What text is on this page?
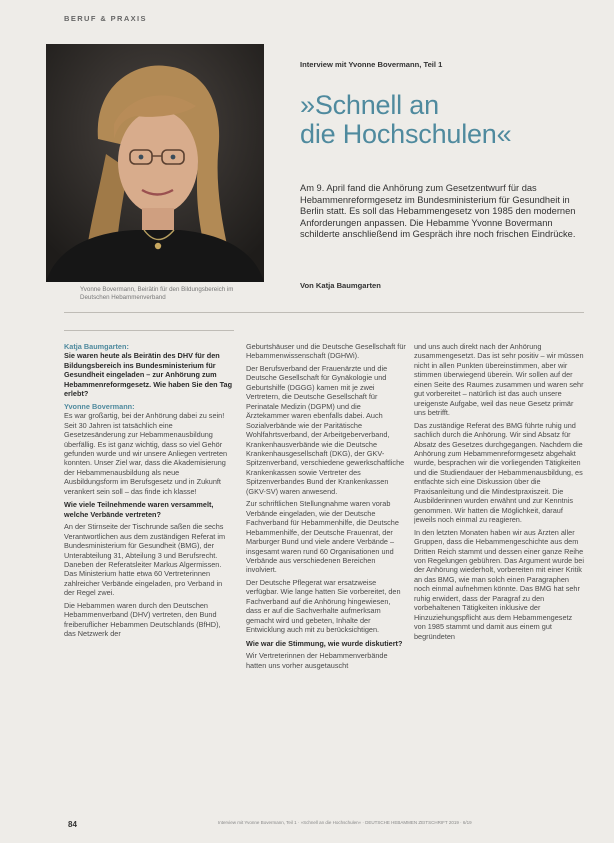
BERUF & PRAXIS
Yvonne Bovermann, Beirätin für den Bildungsbereich im Deutschen Hebammenverband
Interview mit Yvonne Bovermann, Teil 1
»Schnell an
die Hochschulen«
Am 9. April fand die Anhörung zum Gesetzentwurf für das Hebammenreformgesetz im Bundesministerium für Gesundheit in Berlin statt. Es soll das Hebammengesetz von 1985 den modernen Anforderungen anpassen. Die Hebamme Yvonne Bovermann schilderte anschließend im Gespräch ihre noch frischen Eindrücke.
Von Katja Baumgarten

Katja Baumgarten:

Sie waren heute als Beirätin des DHV für den Bildungsbereich ins Bundesministerium für Gesundheit eingeladen – zur Anhörung zum Hebammenreformgesetz. Wie haben Sie den Tag erlebt?

Yvonne Bovermann:

Es war großartig, bei der Anhörung dabei zu sein! Seit 30 Jahren ist tatsächlich eine Gesetzesänderung zur Hebammenausbildung überfällig. Es ist ganz wichtig, dass so viel Gehör gefunden wurde und wir unsere Anliegen vertreten konnten. Unser Ziel war, dass die Akademisierung der Hebammenausbildung als neue Ausbildungsform im Berufsgesetz und in Zukunft verankert sein soll – das finde ich klasse!

Wie viele Teilnehmende waren versammelt, welche Verbände vertreten?

An der Stirnseite der Tischrunde saßen die sechs Verantwortlichen aus dem zuständigen Referat im Bundesministerium für Gesundheit (BMG), der Unterabteilung 31, Abteilung 3 und Berufsrecht. Daneben der Referatsleiter Markus Algermissen. Das Ministerium hatte etwa 60 Vertreterinnen zahlreicher Verbände eingeladen, pro Verband in der Regel zwei.

Die Hebammen waren durch den Deutschen Hebammenverband (DHV) vertreten, den Bund freiberuflicher Hebammen Deutschlands (BfHD), das Netzwerk der

Geburtshäuser und die Deutsche Gesellschaft für Hebammenwissenschaft (DGHWi).

Der Berufsverband der Frauenärzte und die Deutsche Gesellschaft für Gynäkologie und Geburtshilfe (DGGG) kamen mit je zwei Vertretern, die Deutsche Gesellschaft für Perinatale Medizin (DGPM) und die Ärztekammer waren ebenfalls dabei. Auch Sozialverbände wie der Paritätische Wohlfahrtsverband, der Arbeitgeberverband, Krankenhausverbände wie die Deutsche Krankenhausgesellschaft (DKG), der GKV-Spitzenverband, verschiedene gewerkschaftliche Krankenkassen sowie Vertreter des Spitzenverbandes Bund der Krankenkassen (GKV-SV) waren anwesend.

Zur schriftlichen Stellungnahme waren vorab Verbände eingeladen, wie der Deutsche Fachverband für Hebammenhilfe, die Deutsche Hebammenhilfe, der Deutsche Frauenrat, der Marburger Bund und viele andere Verbände – insgesamt waren rund 60 Organisationen und Verbände aus verschiedenen Bereichen involviert.

Der Deutsche Pflegerat war ersatzweise verfügbar. Wie lange hatten Sie vorbereitet, den Fachverband auf die Anhörung hingewiesen, dass er auf die Sachverhalte aufmerksam gemacht wird und gebeten, Inhalte der Entwicklung auch mit zu berücksichtigen.

Wie war die Stimmung, wie wurde diskutiert?

Wir Vertreterinnen der Hebammenverbände hatten uns vorher ausgetauscht

und uns auch direkt nach der Anhörung zusammengesetzt. Das ist sehr positiv – wir müssen nicht in allen Punkten übereinstimmen, aber wir stimmen überwiegend überein. Wir sollen auf der einen Seite des Raumes zusammen und waren sehr gut vorbereitet – natürlich ist das auch unsere ureigenste Aufgabe, weil das neue Gesetz primär uns betrifft.

Das zuständige Referat des BMG führte ruhig und sachlich durch die Anhörung. Wir sind Absatz für Absatz des Gesetzes durchgegangen. Nachdem die Anhörung zum Hebammenreformgesetz abgehakt wurde, besprachen wir die vorliegenden Tätigkeiten und die Studiendauer der Hebammenausbildung, es entfachte sich eine Diskussion über die Praxisanleitung und die Mindestpraxiszeit. Die Ausbilderinnen wurden erwähnt und zur Kenntnis genommen. Wir hatten die Möglichkeit, darauf jeweils noch einmal zu reagieren.

In den letzten Monaten haben wir aus Ärzten aller Gruppen, dass die Hebammengeschichte aus dem Dritten Reich stammt und dessen einer ganze Reihe von Regelungen gebühren. Das Argument wurde bei der Anhörung wiederholt, vorbereiten mit einer Kritik an das BMG, wie man solch einen Paragraphen noch einmal aufnehmen könnte. Das BMG hat sehr ruhig erwidert, dass der Paragraf zu den vorbehaltenen Tätigkeiten inklusive der Hinzuziehungspflicht aus dem Hebammengesetz von 1985 stammt und damit aus einem gut begründeten

84	Interview mit Yvonne Bovermann, Teil 1 · »Schnell an die Hochschulen« · DEUTSCHE HEBAMMEN ZEITSCHRIFT 2019 · 6/19
